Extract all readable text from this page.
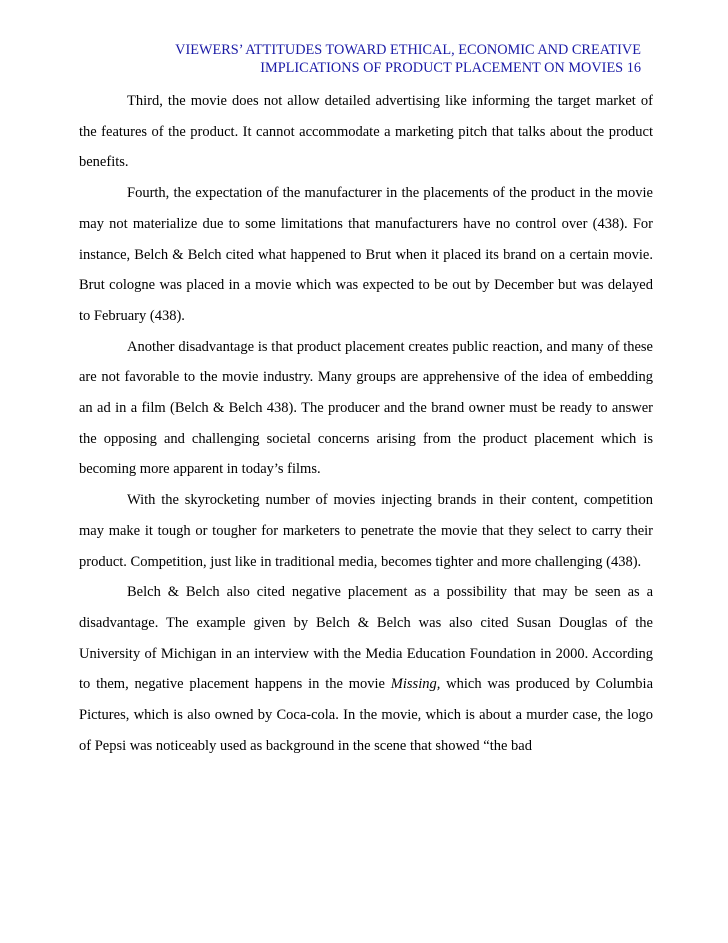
VIEWERS’ ATTITUDES TOWARD ETHICAL, ECONOMIC AND CREATIVE
IMPLICATIONS OF PRODUCT PLACEMENT ON MOVIES 16

Third, the movie does not allow detailed advertising like informing the target market of the features of the product. It cannot accommodate a marketing pitch that talks about the product benefits.

Fourth, the expectation of the manufacturer in the placements of the product in the movie may not materialize due to some limitations that manufacturers have no control over (438). For instance, Belch & Belch cited what happened to Brut when it placed its brand on a certain movie. Brut cologne was placed in a movie which was expected to be out by December but was delayed to February (438).

Another disadvantage is that product placement creates public reaction, and many of these are not favorable to the movie industry. Many groups are apprehensive of the idea of embedding an ad in a film (Belch & Belch 438). The producer and the brand owner must be ready to answer the opposing and challenging societal concerns arising from the product placement which is becoming more apparent in today’s films.

With the skyrocketing number of movies injecting brands in their content, competition may make it tough or tougher for marketers to penetrate the movie that they select to carry their product. Competition, just like in traditional media, becomes tighter and more challenging (438).

Belch & Belch also cited negative placement as a possibility that may be seen as a disadvantage. The example given by Belch & Belch was also cited Susan Douglas of the University of Michigan in an interview with the Media Education Foundation in 2000. According to them, negative placement happens in the movie Missing, which was produced by Columbia Pictures, which is also owned by Coca-cola. In the movie, which is about a murder case, the logo of Pepsi was noticeably used as background in the scene that showed “the bad
